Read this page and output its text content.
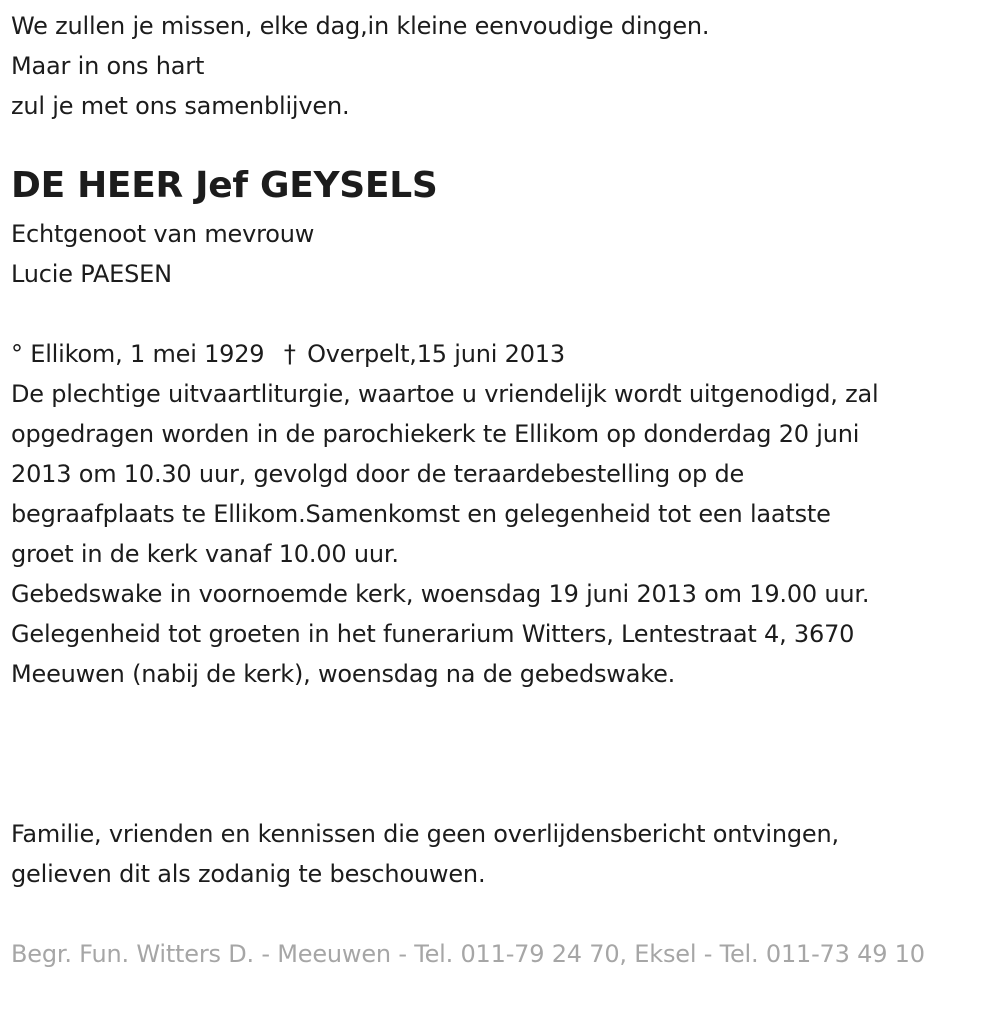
We zullen je missen, elke dag,in kleine eenvoudige dingen.
Maar in ons hart
zul je met ons samenblijven.
DE HEER Jef GEYSELS
Echtgenoot van mevrouw
Lucie PAESEN
° Ellikom, 1 mei 1929 † Overpelt,15 juni 2013
De plechtige uitvaartliturgie, waartoe u vriendelijk wordt uitgenodigd, zal
opgedragen worden in de parochiekerk te Ellikom op donderdag 20 juni
2013 om 10.30 uur, gevolgd door de teraardebestelling op de
begraafplaats te Ellikom.Samenkomst en gelegenheid tot een laatste
groet in de kerk vanaf 10.00 uur.
Gebedswake in voornoemde kerk, woensdag 19 juni 2013 om 19.00 uur.
Gelegenheid tot groeten in het funerarium Witters, Lentestraat 4, 3670
Meeuwen (nabij de kerk), woensdag na de gebedswake.
Familie, vrienden en kennissen die geen overlijdensbericht ontvingen,
gelieven dit als zodanig te beschouwen.
Begr. Fun. Witters D. - Meeuwen - Tel. 011-79 24 70, Eksel - Tel. 011-73 49 10
